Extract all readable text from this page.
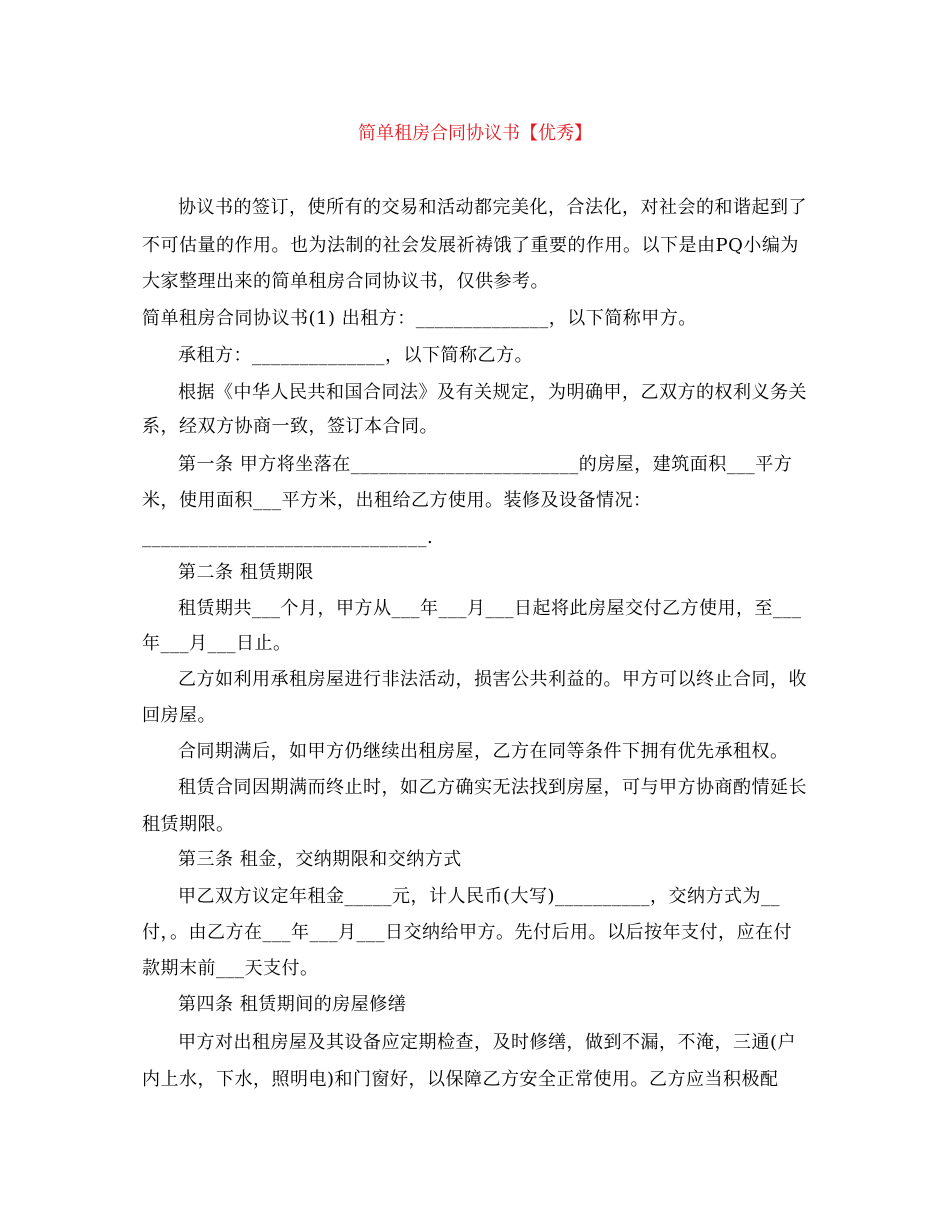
简单租房合同协议书【优秀】
协议书的签订，使所有的交易和活动都完美化，合法化，对社会的和谐起到了
不可估量的作用。也为法制的社会发展祈祷饿了重要的作用。以下是由PQ小编为
大家整理出来的简单租房合同协议书，仅供参考。
简单租房合同协议书(1) 出租方：______________，以下简称甲方。
承租方：______________，以下简称乙方。
根据《中华人民共和国合同法》及有关规定，为明确甲，乙双方的权利义务关
系，经双方协商一致，签订本合同。
第一条 甲方将坐落在________________________的房屋，建筑面积___平方
米，使用面积___平方米，出租给乙方使用。装修及设备情况：
______________________________.
第二条 租赁期限
租赁期共___个月，甲方从___年___月___日起将此房屋交付乙方使用，至___
年___月___日止。
乙方如利用承租房屋进行非法活动，损害公共利益的。甲方可以终止合同，收
回房屋。
合同期满后，如甲方仍继续出租房屋，乙方在同等条件下拥有优先承租权。
租赁合同因期满而终止时，如乙方确实无法找到房屋，可与甲方协商酌情延长
租赁期限。
第三条 租金，交纳期限和交纳方式
甲乙双方议定年租金_____元，计人民币(大写)__________，交纳方式为__
付，。由乙方在___年___月___日交纳给甲方。先付后用。以后按年支付，应在付
款期末前___天支付。
第四条 租赁期间的房屋修缮
甲方对出租房屋及其设备应定期检查，及时修缮，做到不漏，不淹，三通(户
内上水，下水，照明电)和门窗好，以保障乙方安全正常使用。乙方应当积极配
